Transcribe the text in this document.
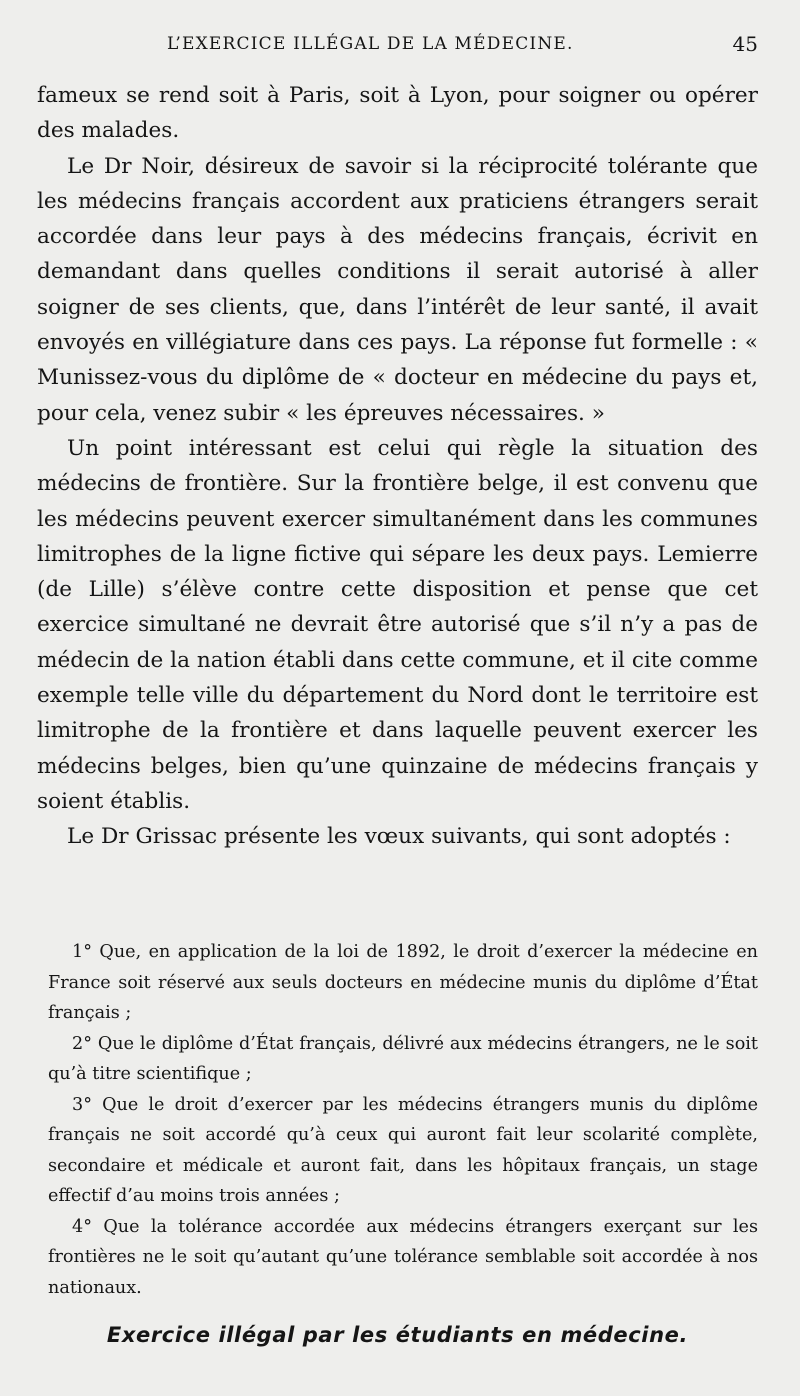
L’EXERCICE ILLÉGAL DE LA MÉDECINE.	45

fameux se rend soit à Paris, soit à Lyon, pour soigner ou opérer des malades.

Le Dr Noir, désireux de savoir si la réciprocité tolérante que les médecins français accordent aux praticiens étrangers serait accordée dans leur pays à des médecins français, écrivit en demandant dans quelles conditions il serait autorisé à aller soigner de ses clients, que, dans l’intérêt de leur santé, il avait envoyés en villégiature dans ces pays. La réponse fut formelle : « Munissez-vous du diplôme de « docteur en médecine du pays et, pour cela, venez subir « les épreuves nécessaires. »

Un point intéressant est celui qui règle la situation des médecins de frontière. Sur la frontière belge, il est convenu que les médecins peuvent exercer simultanément dans les communes limitrophes de la ligne fictive qui sépare les deux pays. Lemierre (de Lille) s’élève contre cette disposition et pense que cet exercice simultané ne devrait être autorisé que s’il n’y a pas de médecin de la nation établi dans cette commune, et il cite comme exemple telle ville du département du Nord dont le territoire est limitrophe de la frontière et dans laquelle peuvent exercer les médecins belges, bien qu’une quinzaine de médecins français y soient établis.

Le Dr Grissac présente les vœux suivants, qui sont adoptés :

1° Que, en application de la loi de 1892, le droit d’exercer la médecine en France soit réservé aux seuls docteurs en médecine munis du diplôme d’État français ;

2° Que le diplôme d’État français, délivré aux médecins étrangers, ne le soit qu’à titre scientifique ;

3° Que le droit d’exercer par les médecins étrangers munis du diplôme français ne soit accordé qu’à ceux qui auront fait leur scolarité complète, secondaire et médicale et auront fait, dans les hôpitaux français, un stage effectif d’au moins trois années ;

4° Que la tolérance accordée aux médecins étrangers exerçant sur les frontières ne le soit qu’autant qu’une tolérance semblable soit accordée à nos nationaux.

Exercice illégal par les étudiants en médecine.
